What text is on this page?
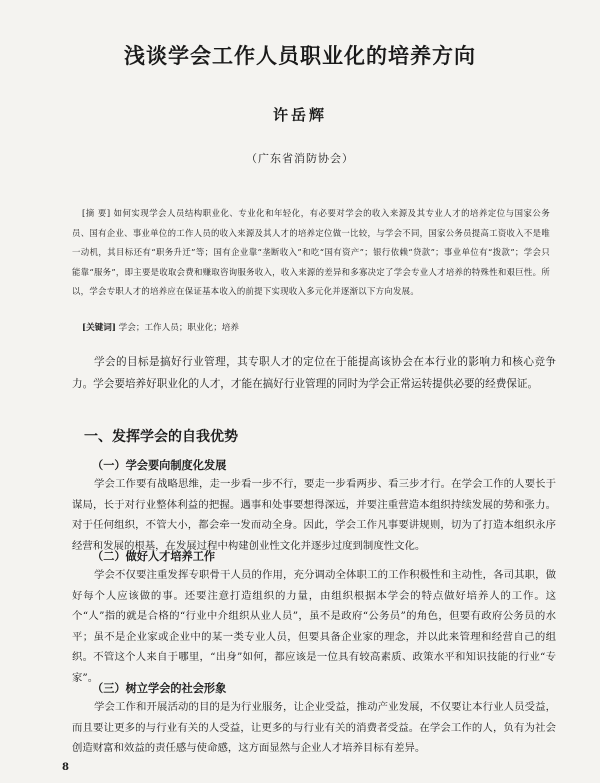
浅谈学会工作人员职业化的培养方向
许岳辉
（广东省消防协会）
[摘 要] 如何实现学会人员结构职业化、专业化和年轻化，有必要对学会的收入来源及其专业人才的培养定位与国家公务员、国有企业、事业单位的工作人员的收入来源及其人才的培养定位做一比较，与学会不同，国家公务员提高工资收入不是唯一动机，其目标还有“职务升迁”等；国有企业靠“垄断收入”和吃“国有资产”；银行依赖“贷款”；事业单位有“拨款”；学会只能靠“服务”，即主要是收取会费和赚取咨询服务收入，收入来源的差异和多寡决定了学会专业人才培养的特殊性和艰巨性。所以，学会专职人才的培养应在保证基本收入的前提下实现收入多元化并逐渐以下方向发展。
[关键词] 学会；工作人员；职业化；培养
学会的目标是搞好行业管理，其专职人才的定位在于能提高该协会在本行业的影响力和核心竞争力。学会要培养好职业化的人才，才能在搞好行业管理的同时为学会正常运转提供必要的经费保证。
一、发挥学会的自我优势
（一）学会要向制度化发展
学会工作要有战略思维，走一步看一步不行，要走一步看两步、看三步才行。在学会工作的人要长于谋局，长于对行业整体利益的把握。遇事和处事要想得深远，并要注重营造本组织持续发展的势和张力。对于任何组织，不管大小，都会牵一发而动全身。因此，学会工作凡事要讲规则，切为了打造本组织永序经营和发展的根基，在发展过程中构建创业性文化并逐步过度到制度性文化。
（二）做好人才培养工作
学会不仅要注重发挥专职骨干人员的作用，充分调动全体职工的工作积极性和主动性，各司其职，做好每个人应该做的事。还要注意打造组织的力量，由组织根据本学会的特点做好培养人的工作。这个“人”指的就是合格的“行业中介组织从业人员”，虽不是政府“公务员”的角色，但要有政府公务员的水平；虽不是企业家或企业中的某一类专业人员，但要具备企业家的理念，并以此来管理和经营自己的组织。不管这个人来自于哪里，“出身”如何，都应该是一位具有较高素质、政策水平和知识技能的行业“专家”。
（三）树立学会的社会形象
学会工作和开展活动的目的是为行业服务，让企业受益，推动产业发展，不仅要让本行业人员受益，而且要让更多的与行业有关的人受益，让更多的与行业有关的消费者受益。在学会工作的人，负有为社会创造财富和效益的责任感与使命感，这方面显然与企业人才培养目标有差异。
8
